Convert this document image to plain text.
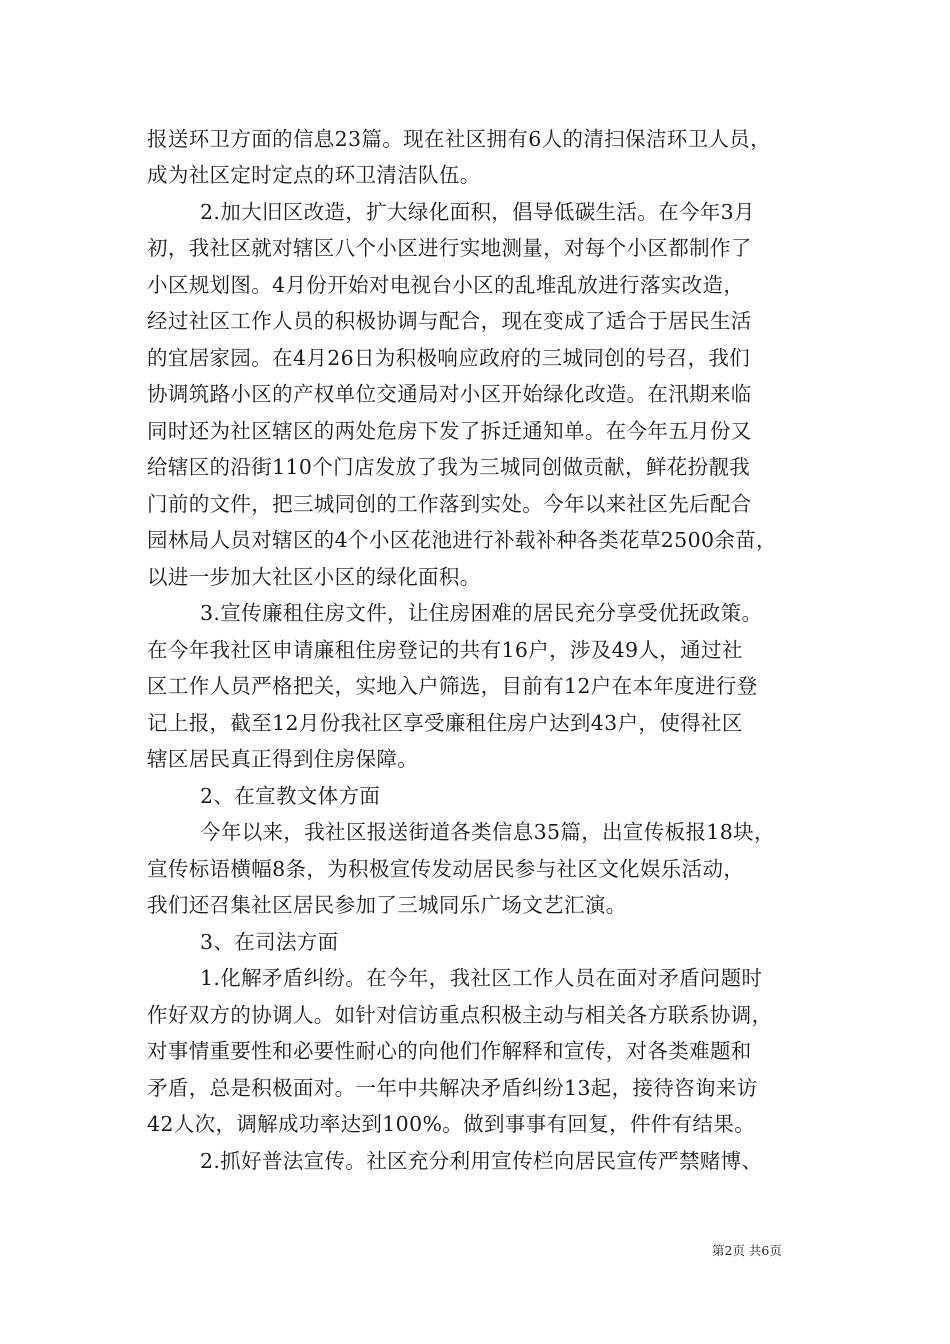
报送环卫方面的信息23篇。现在社区拥有6人的清扫保洁环卫人员，
成为社区定时定点的环卫清洁队伍。
2.加大旧区改造，扩大绿化面积，倡导低碳生活。在今年3月
初，我社区就对辖区八个小区进行实地测量，对每个小区都制作了
小区规划图。4月份开始对电视台小区的乱堆乱放进行落实改造，
经过社区工作人员的积极协调与配合，现在变成了适合于居民生活
的宜居家园。在4月26日为积极响应政府的三城同创的号召，我们
协调筑路小区的产权单位交通局对小区开始绿化改造。在汛期来临
同时还为社区辖区的两处危房下发了拆迁通知单。在今年五月份又
给辖区的沿街110个门店发放了我为三城同创做贡献，鲜花扮靓我
门前的文件，把三城同创的工作落到实处。今年以来社区先后配合
园林局人员对辖区的4个小区花池进行补载补种各类花草2500余苗，
以进一步加大社区小区的绿化面积。
3.宣传廉租住房文件，让住房困难的居民充分享受优抚政策。
在今年我社区申请廉租住房登记的共有16户，涉及49人，通过社
区工作人员严格把关，实地入户筛选，目前有12户在本年度进行登
记上报，截至12月份我社区享受廉租住房户达到43户，使得社区
辖区居民真正得到住房保障。
2、在宣教文体方面
今年以来，我社区报送街道各类信息35篇，出宣传板报18块，
宣传标语横幅8条，为积极宣传发动居民参与社区文化娱乐活动，
我们还召集社区居民参加了三城同乐广场文艺汇演。
3、在司法方面
1.化解矛盾纠纷。在今年，我社区工作人员在面对矛盾问题时
作好双方的协调人。如针对信访重点积极主动与相关各方联系协调，
对事情重要性和必要性耐心的向他们作解释和宣传，对各类难题和
矛盾，总是积极面对。一年中共解决矛盾纠纷13起，接待咨询来访
42人次，调解成功率达到100%。做到事事有回复，件件有结果。
2.抓好普法宣传。社区充分利用宣传栏向居民宣传严禁赌博、
第2页 共6页
